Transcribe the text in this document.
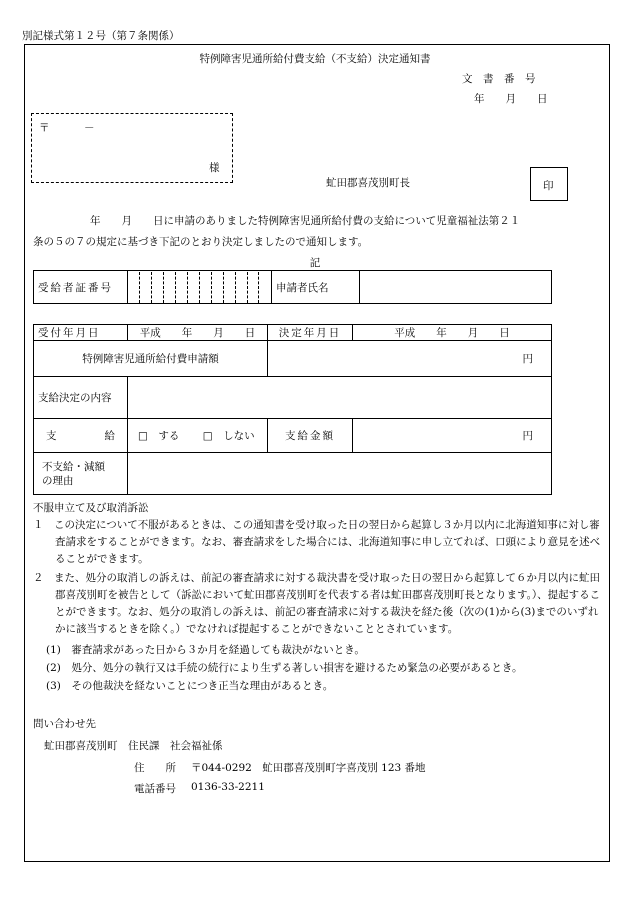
別記様式第１２号（第７条関係）
特例障害児通所給付費支給（不支給）決定通知書
文　書　番　号
年　　月　　日
〒	－
様
虻田郡喜茂別町長	印
年　　月　　日に申請のありました特例障害児通所給付費の支給について児童福祉法第２１
条の５の７の規定に基づき下記のとおり決定しましたので通知します。
記
受給者証番号													申請者氏名	
受付年月日	平成　　年　　月　　日	決定年月日	平成　　年　　月　　日
特例障害児通所給付費申請額		円	
支給決定の内容			

支 給	□　する □　しない	支給金額	円

不支給・減額
の理由			

不服申立て及び取消訴訟
１　この決定について不服があるときは、この通知書を受け取った日の翌日から起算し３か月以内に北海道知事に対し審査請求をすることができます。なお、審査請求をした場合には、北海道知事に申し立てれば、口頭により意見を述べることができます。
２　また、処分の取消しの訴えは、前記の審査請求に対する裁決書を受け取った日の翌日から起算して６か月以内に虻田郡喜茂別町を被告として（訴訟において虻田郡喜茂別町を代表する者は虻田郡喜茂別町長となります。）、提起することができます。なお、処分の取消しの訴えは、前記の審査請求に対する裁決を経た後（次の(1)から(3)までのいずれかに該当するときを除く。）でなければ提起することができないこととされています。
(1)　審査請求があった日から３か月を経過しても裁決がないとき。
(2)　処分、処分の執行又は手続の続行により生ずる著しい損害を避けるため緊急の必要があるとき。
(3)　その他裁決を経ないことにつき正当な理由があるとき。
問い合わせ先
虻田郡喜茂別町　住民課　社会福祉係
住　　所 〒044-0292　虻田郡喜茂別町字喜茂別 123 番地
電話番号 0136-33-2211
